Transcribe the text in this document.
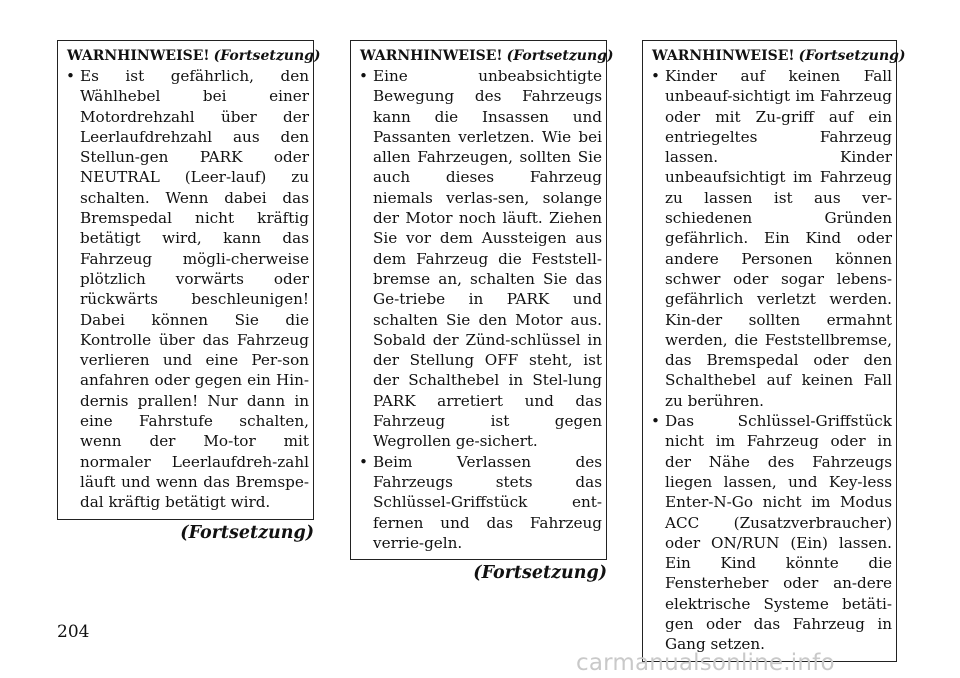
WARNHINWEISE! (Fortsetzung)
• Es ist gefährlich, den Wählhebel bei einer Motordrehzahl über der Leerlaufdrehzahl aus den Stellun-gen PARK oder NEUTRAL (Leer-lauf) zu schalten. Wenn dabei das Bremspedal nicht kräftig betätigt wird, kann das Fahrzeug mögli-cherweise plötzlich vorwärts oder rückwärts beschleunigen! Dabei können Sie die Kontrolle über das Fahrzeug verlieren und eine Per-son anfahren oder gegen ein Hin-dernis prallen! Nur dann in eine Fahrstufe schalten, wenn der Mo-tor mit normaler Leerlaufdreh-zahl läuft und wenn das Bremspe-dal kräftig betätigt wird.
(Fortsetzung)
WARNHINWEISE! (Fortsetzung)
• Eine unbeabsichtigte Bewegung des Fahrzeugs kann die Insassen und Passanten verletzen. Wie bei allen Fahrzeugen, sollten Sie auch dieses Fahrzeug niemals verlas-sen, solange der Motor noch läuft. Ziehen Sie vor dem Aussteigen aus dem Fahrzeug die Feststell-bremse an, schalten Sie das Ge-triebe in PARK und schalten Sie den Motor aus. Sobald der Zünd-schlüssel in der Stellung OFF steht, ist der Schalthebel in Stel-lung PARK arretiert und das Fahrzeug ist gegen Wegrollen ge-sichert.
• Beim Verlassen des Fahrzeugs stets das Schlüssel-Griffstück ent-fernen und das Fahrzeug verrie-geln.
(Fortsetzung)
WARNHINWEISE! (Fortsetzung)
• Kinder auf keinen Fall unbeauf-sichtigt im Fahrzeug oder mit Zu-griff auf ein entriegeltes Fahrzeug lassen. Kinder unbeaufsichtigt im Fahrzeug zu lassen ist aus ver-schiedenen Gründen gefährlich. Ein Kind oder andere Personen können schwer oder sogar lebens-gefährlich verletzt werden. Kin-der sollten ermahnt werden, die Feststellbremse, das Bremspedal oder den Schalthebel auf keinen Fall zu berühren.
• Das Schlüssel-Griffstück nicht im Fahrzeug oder in der Nähe des Fahrzeugs liegen lassen, und Key-less Enter-N-Go nicht im Modus ACC (Zusatzverbraucher) oder ON/RUN (Ein) lassen. Ein Kind könnte die Fensterheber oder an-dere elektrische Systeme betäti-gen oder das Fahrzeug in Gang setzen.
204
carmanualsonline.info
